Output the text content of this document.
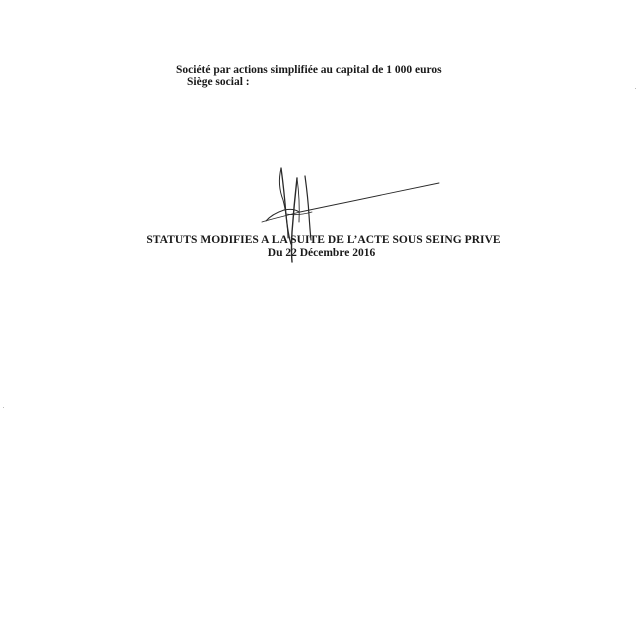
Société par actions simplifiée au capital de 1 000 euros
Siège social :
STATUTS MODIFIES A LA SUITE DE L’ACTE SOUS SEING PRIVE
Du 22 Décembre 2016
